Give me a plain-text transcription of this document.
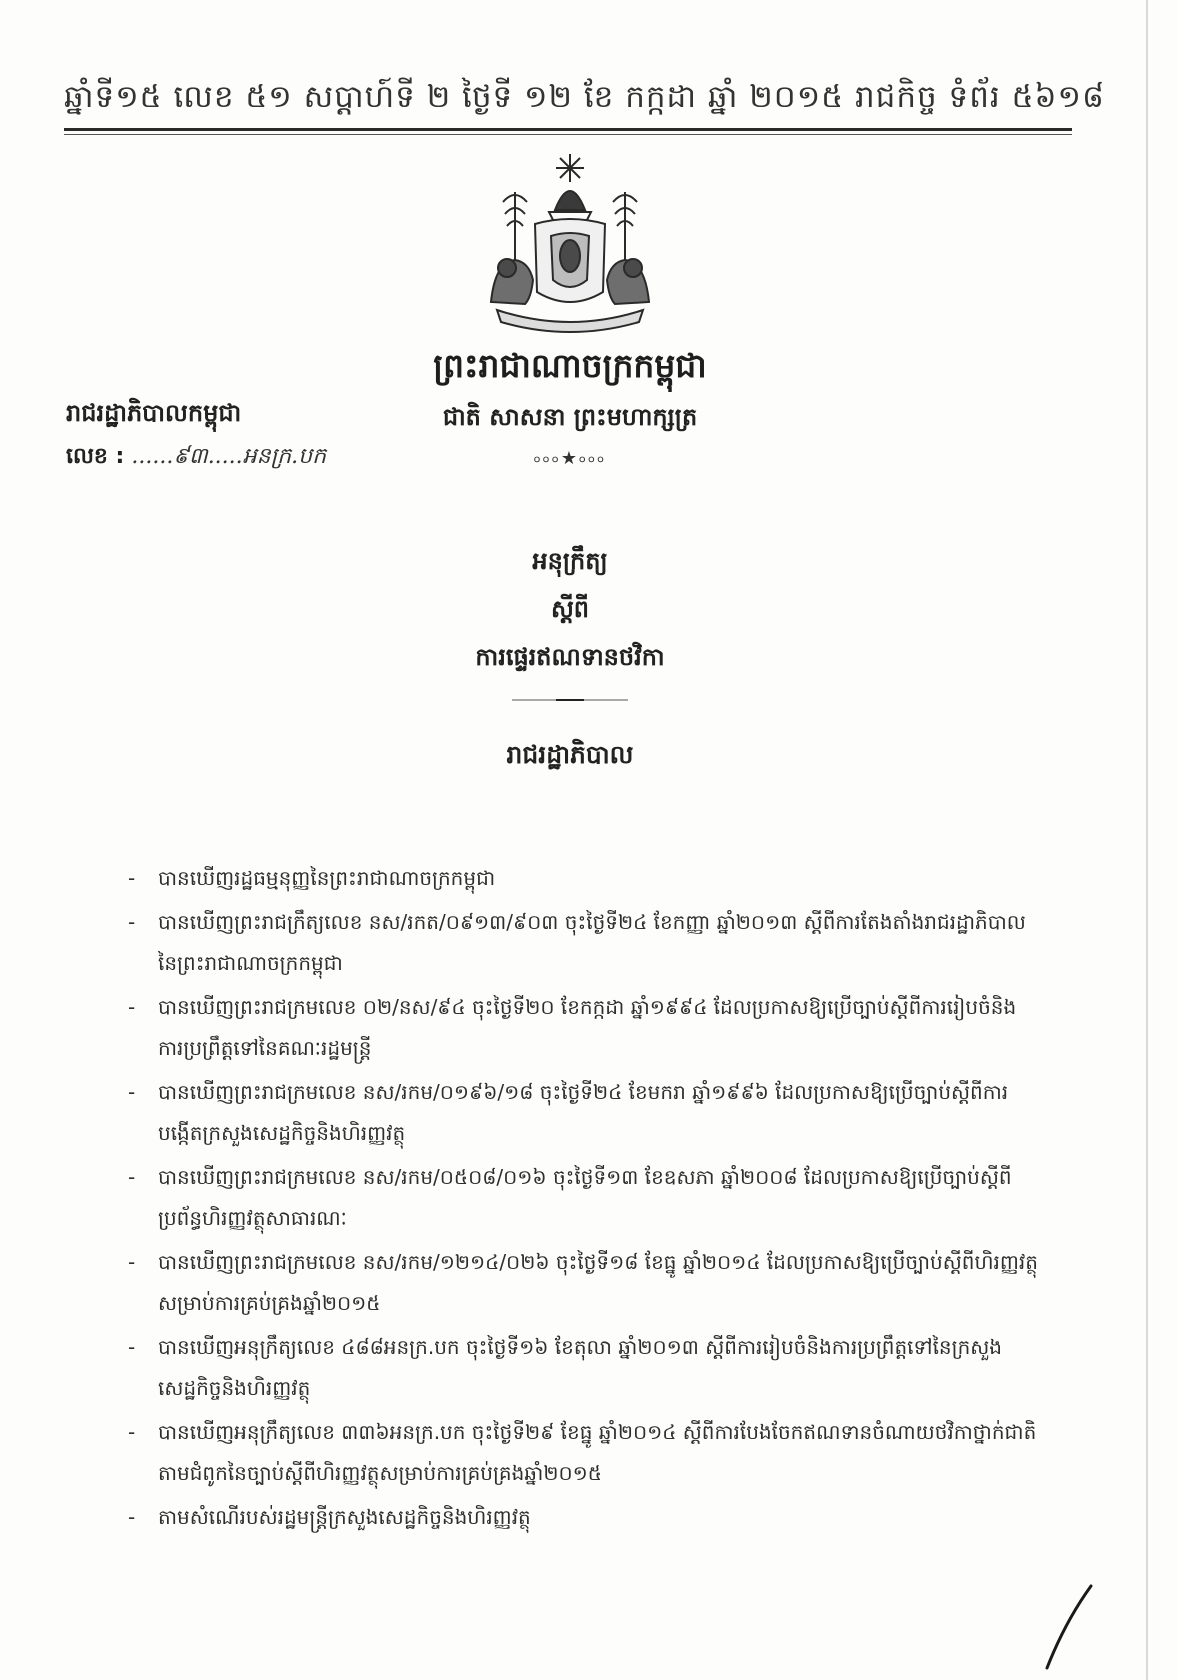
ឆ្នាំទី១៥ លេខ ៥១ សប្តាហ៍ទី ២ ថ្ងៃទី ១២ ខែ កក្កដា ឆ្នាំ ២០១៥ រាជកិច្ច ទំព័រ ៥៦១៨
ព្រះរាជាណាចក្រកម្ពុជា
ជាតិ សាសនា ព្រះមហាក្សត្រ
৹৹৹★৹৹৹
រាជរដ្ឋាភិបាលកម្ពុជា
លេខ : ......៩៣.....អនក្រ.បក
អនុក្រឹត្យ
ស្តីពី
ការផ្ទេរឥណទានថវិកា
រាជរដ្ឋាភិបាល
- បានឃើញរដ្ឋធម្មនុញ្ញនៃព្រះរាជាណាចក្រកម្ពុជា
- បានឃើញព្រះរាជក្រឹត្យលេខ នស/រកត/០៩១៣/៩០៣ ចុះថ្ងៃទី២៤ ខែកញ្ញា ឆ្នាំ២០១៣ ស្តីពីការតែងតាំងរាជរដ្ឋាភិបាលនៃព្រះរាជាណាចក្រកម្ពុជា
- បានឃើញព្រះរាជក្រមលេខ ០២/នស/៩៤ ចុះថ្ងៃទី២០ ខែកក្កដា ឆ្នាំ១៩៩៤ ដែលប្រកាសឱ្យប្រើច្បាប់ស្តីពីការរៀបចំនិងការប្រព្រឹត្តទៅនៃគណៈរដ្ឋមន្ត្រី
- បានឃើញព្រះរាជក្រមលេខ នស/រកម/០១៩៦/១៨ ចុះថ្ងៃទី២៤ ខែមករា ឆ្នាំ១៩៩៦ ដែលប្រកាសឱ្យប្រើច្បាប់ស្តីពីការបង្កើតក្រសួងសេដ្ឋកិច្ចនិងហិរញ្ញវត្ថុ
- បានឃើញព្រះរាជក្រមលេខ នស/រកម/០៥០៨/០១៦ ចុះថ្ងៃទី១៣ ខែឧសភា ឆ្នាំ២០០៨ ដែលប្រកាសឱ្យប្រើច្បាប់ស្តីពីប្រព័ន្ធហិរញ្ញវត្ថុសាធារណៈ
- បានឃើញព្រះរាជក្រមលេខ នស/រកម/១២១៤/០២៦ ចុះថ្ងៃទី១៨ ខែធ្នូ ឆ្នាំ២០១៤ ដែលប្រកាសឱ្យប្រើច្បាប់ស្តីពីហិរញ្ញវត្ថុសម្រាប់ការគ្រប់គ្រងឆ្នាំ២០១៥
- បានឃើញអនុក្រឹត្យលេខ ៤៨៨អនក្រ.បក ចុះថ្ងៃទី១៦ ខែតុលា ឆ្នាំ២០១៣ ស្តីពីការរៀបចំនិងការប្រព្រឹត្តទៅនៃក្រសួងសេដ្ឋកិច្ចនិងហិរញ្ញវត្ថុ
- បានឃើញអនុក្រឹត្យលេខ ៣៣៦អនក្រ.បក ចុះថ្ងៃទី២៩ ខែធ្នូ ឆ្នាំ២០១៤ ស្តីពីការបែងចែកឥណទានចំណាយថវិកាថ្នាក់ជាតិតាមជំពូកនៃច្បាប់ស្តីពីហិរញ្ញវត្ថុសម្រាប់ការគ្រប់គ្រងឆ្នាំ២០១៥
- តាមសំណើរបស់រដ្ឋមន្ត្រីក្រសួងសេដ្ឋកិច្ចនិងហិរញ្ញវត្ថុ
